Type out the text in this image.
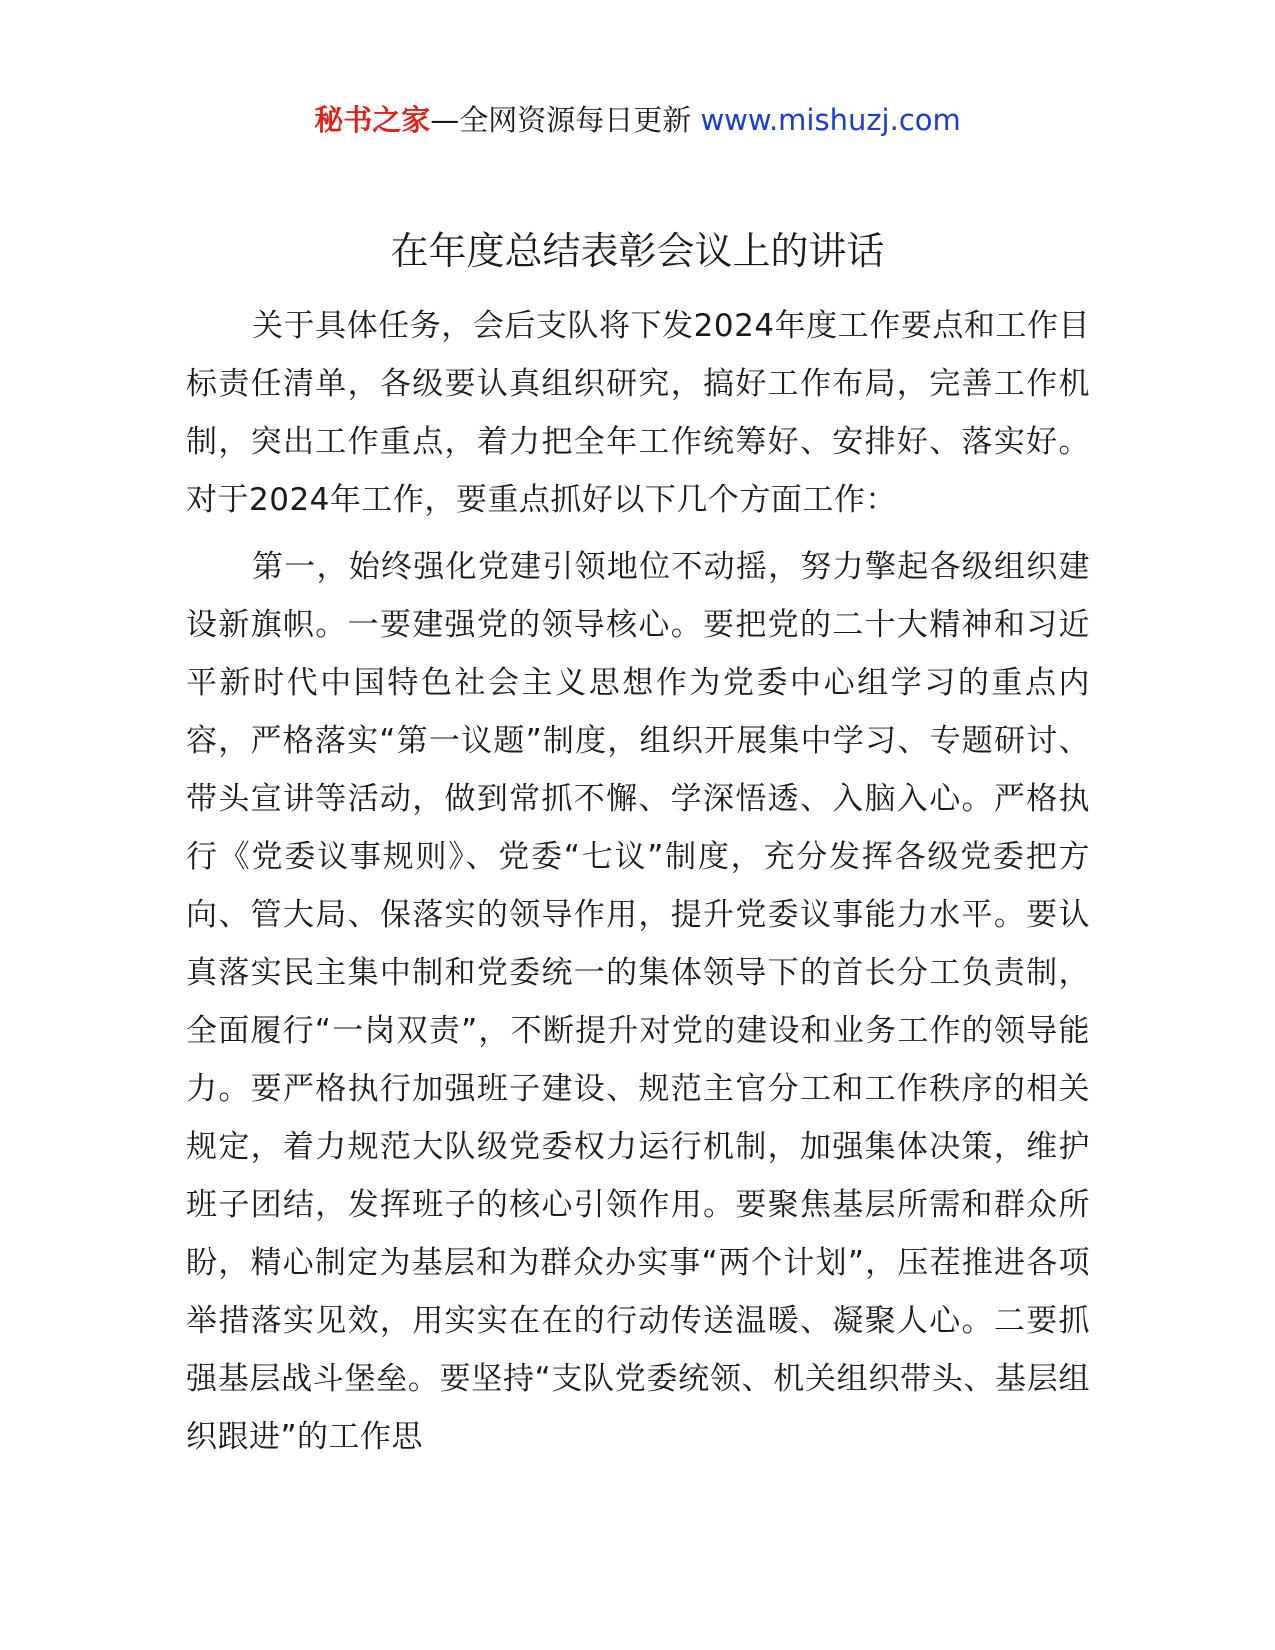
秘书之家—全网资源每日更新 www.mishuzj.com
在年度总结表彰会议上的讲话

关于具体任务，会后支队将下发2024年度工作要点和工作目标责任清单，各级要认真组织研究，搞好工作布局，完善工作机制，突出工作重点，着力把全年工作统筹好、安排好、落实好。对于2024年工作，要重点抓好以下几个方面工作：

第一，始终强化党建引领地位不动摇，努力擎起各级组织建设新旗帜。一要建强党的领导核心。要把党的二十大精神和习近平新时代中国特色社会主义思想作为党委中心组学习的重点内容，严格落实“第一议题”制度，组织开展集中学习、专题研讨、带头宣讲等活动，做到常抓不懈、学深悟透、入脑入心。严格执行《党委议事规则》、党委“七议”制度，充分发挥各级党委把方向、管大局、保落实的领导作用，提升党委议事能力水平。要认真落实民主集中制和党委统一的集体领导下的首长分工负责制，全面履行“一岗双责”，不断提升对党的建设和业务工作的领导能力。要严格执行加强班子建设、规范主官分工和工作秩序的相关规定，着力规范大队级党委权力运行机制，加强集体决策，维护班子团结，发挥班子的核心引领作用。要聚焦基层所需和群众所盼，精心制定为基层和为群众办实事“两个计划”，压茬推进各项举措落实见效，用实实在在的行动传送温暖、凝聚人心。二要抓强基层战斗堡垒。要坚持“支队党委统领、机关组织带头、基层组织跟进”的工作思
